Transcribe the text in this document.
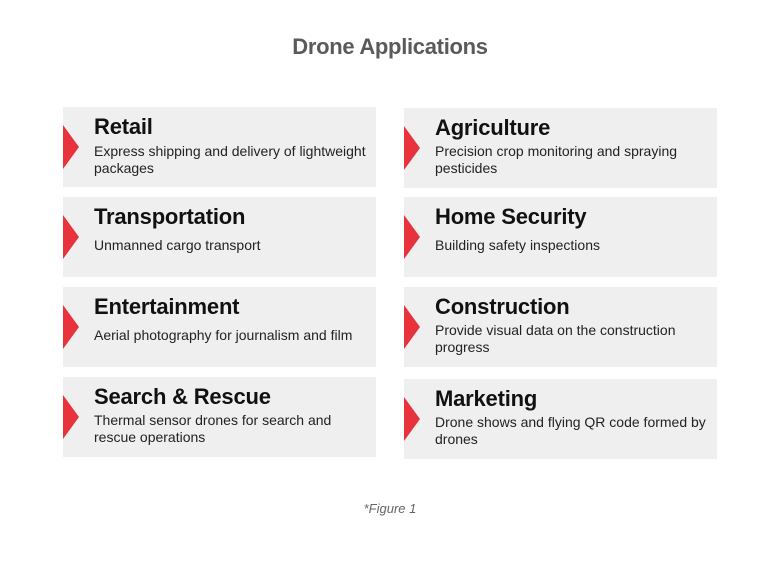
Drone Applications
Retail
Express shipping and delivery of lightweight packages
Transportation
Unmanned cargo transport
Entertainment
Aerial photography for journalism and film
Search & Rescue
Thermal sensor drones for search and rescue operations
Agriculture
Precision crop monitoring and spraying pesticides
Home Security
Building safety inspections
Construction
Provide visual data on the construction progress
Marketing
Drone shows and flying QR code formed by drones
*Figure 1
